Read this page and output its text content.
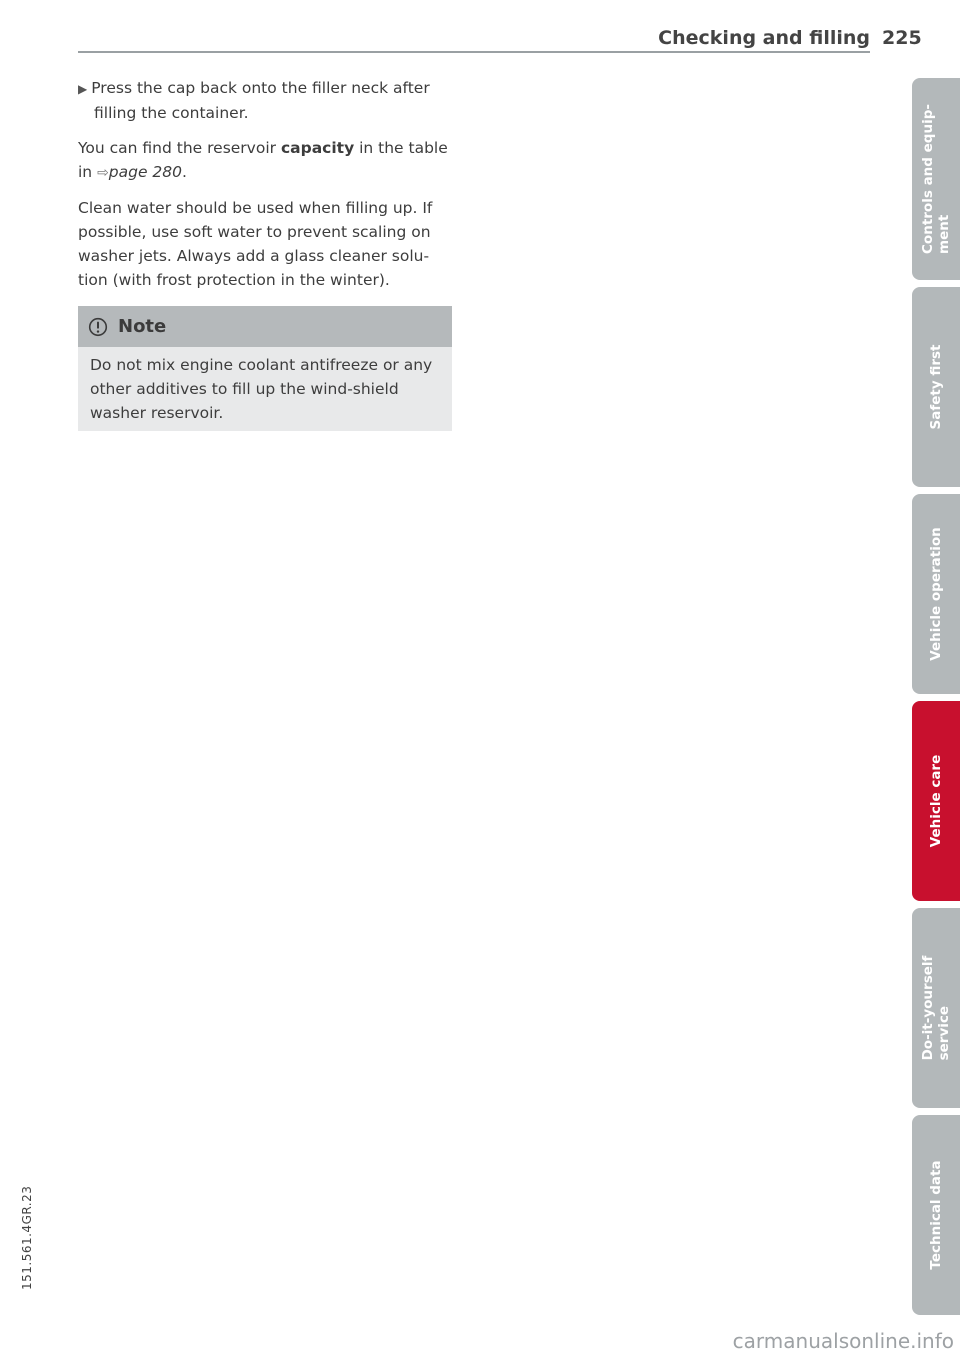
Checking and filling 225

▶ Press the cap back onto the filler neck after filling the container.

You can find the reservoir capacity in the table in ⇨page 280.

Clean water should be used when filling up. If possible, use soft water to prevent scaling on washer jets. Always add a glass cleaner solu-tion (with frost protection in the winter).

Note
Do not mix engine coolant antifreeze or any other additives to fill up the wind-shield washer reservoir.
Controls and equip-
ment
Safety first
Vehicle operation
Vehicle care
Do-it-yourself
service
Technical data
151.561.4GR.23
carmanualsonline.info
